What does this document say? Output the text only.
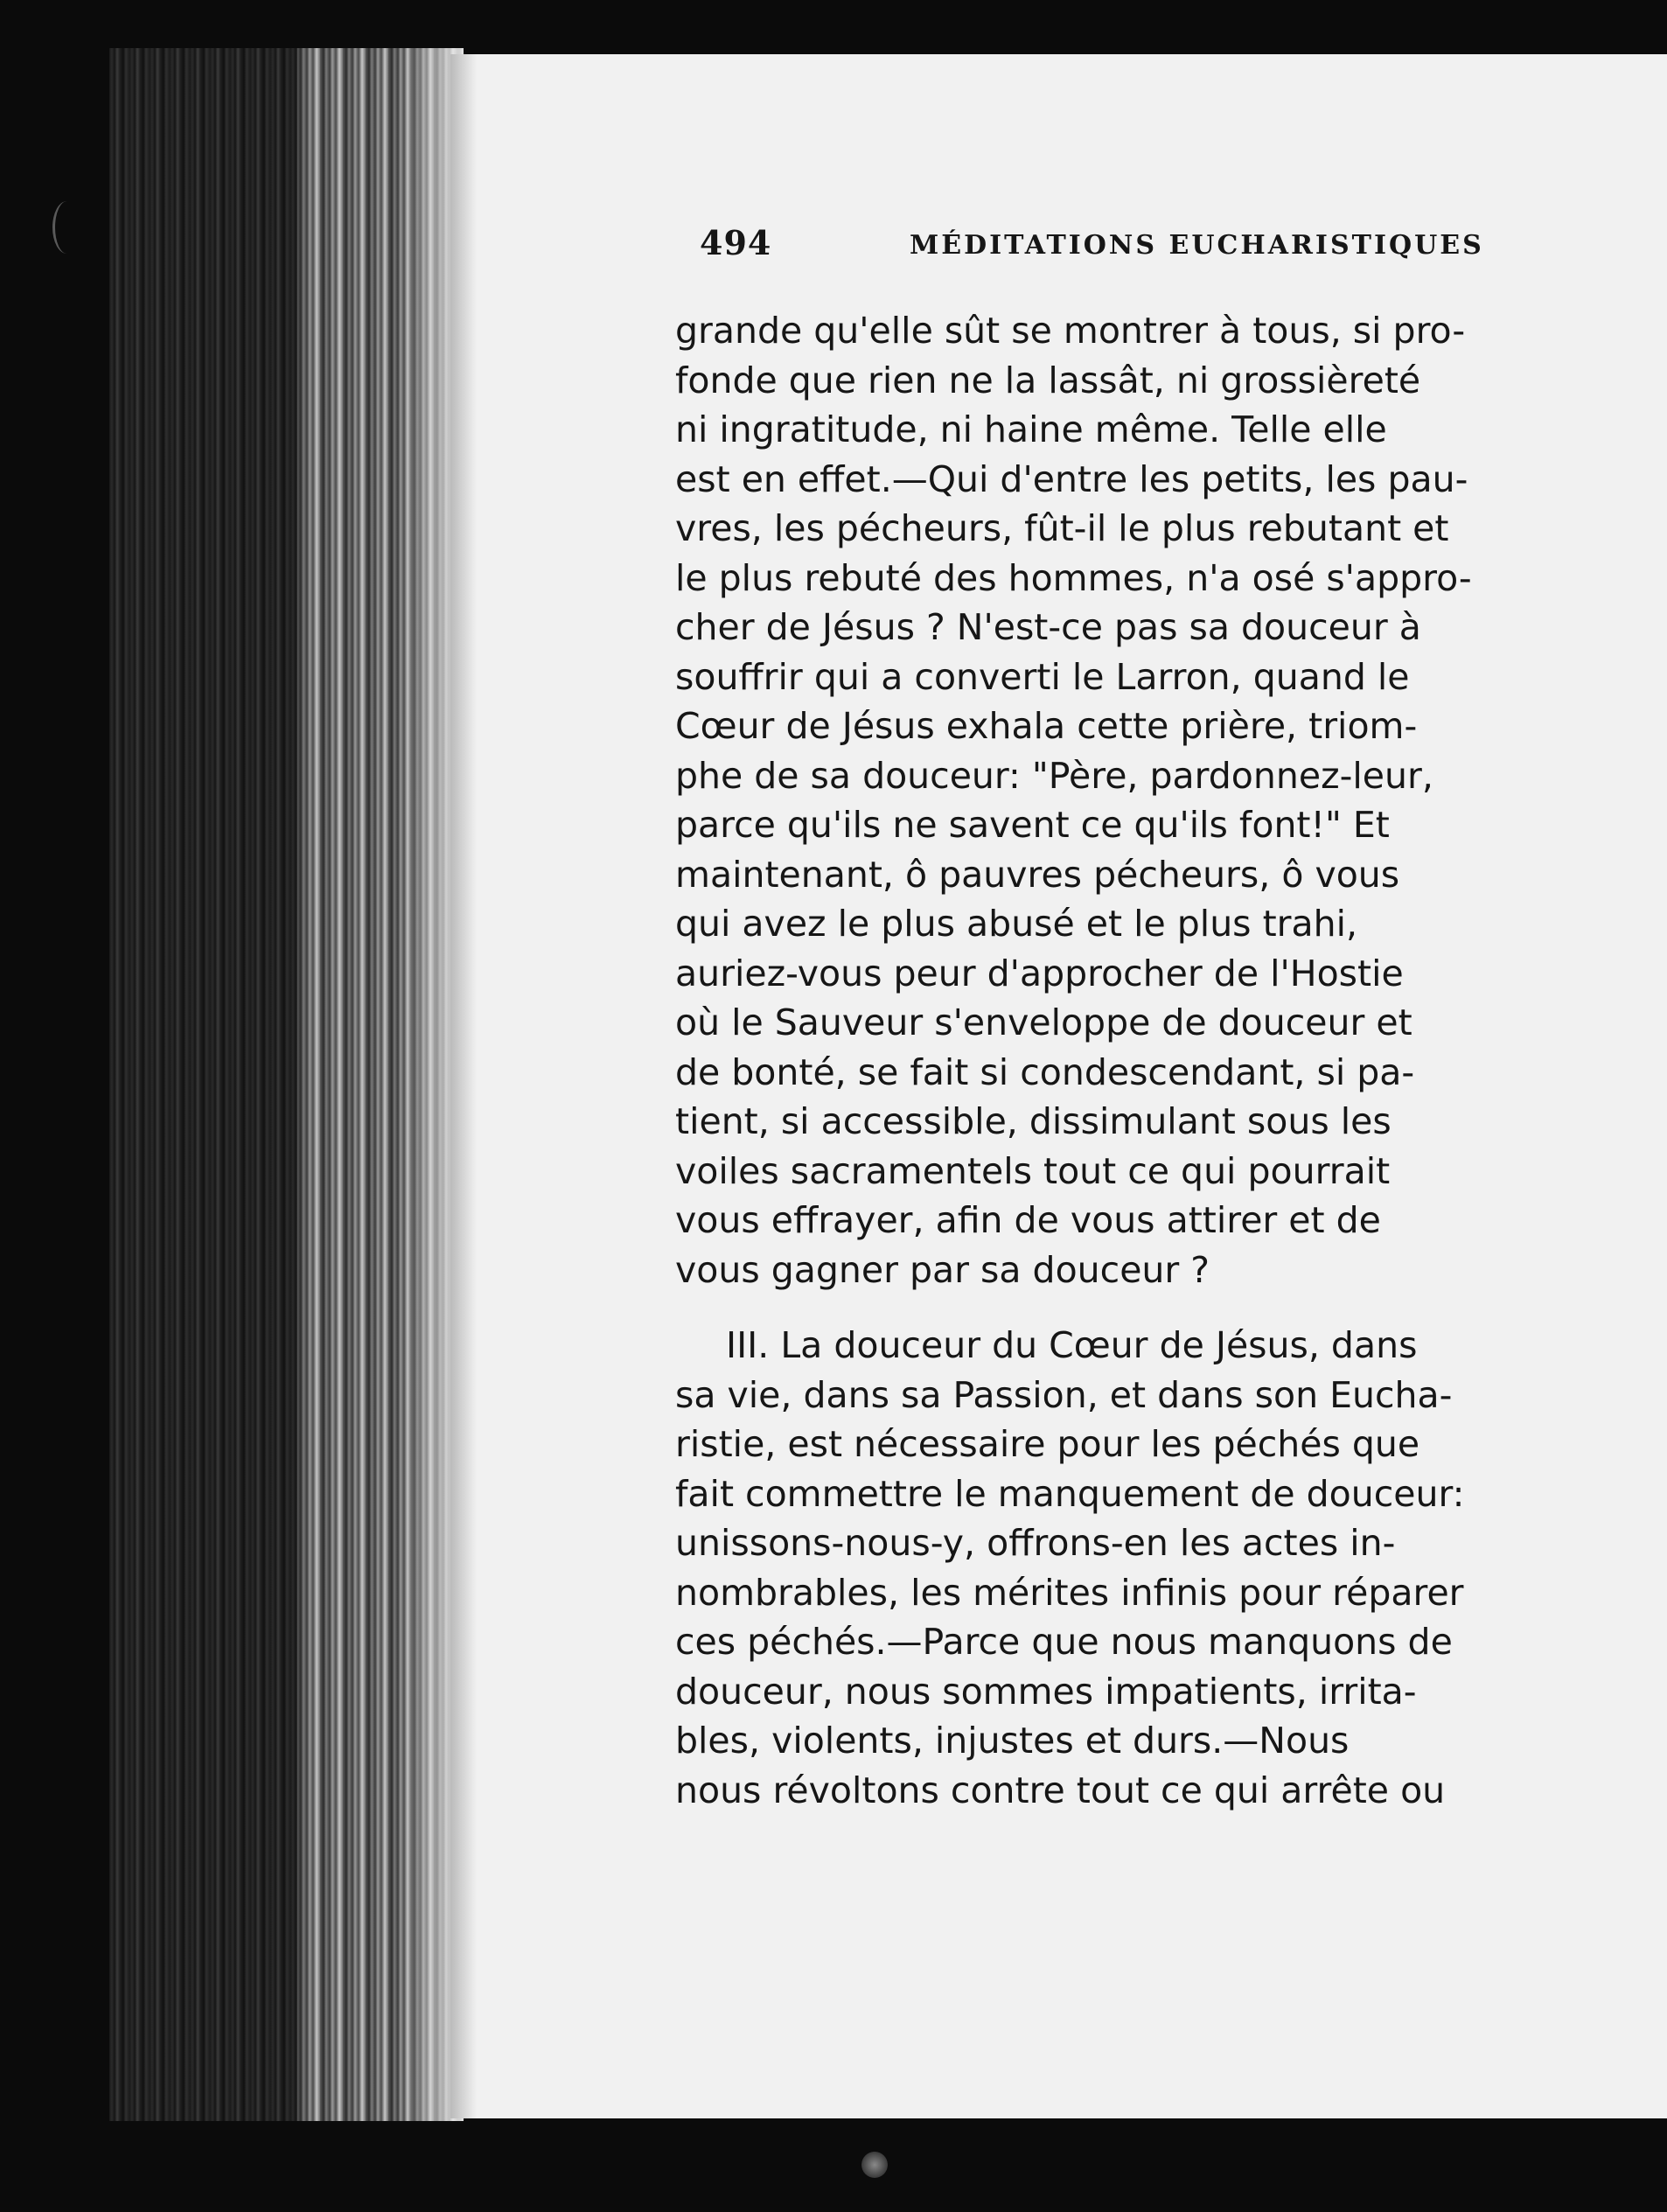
494	MÉDITATIONS EUCHARISTIQUES
grande qu'elle sût se montrer à tous, si pro-
fonde que rien ne la lassât, ni grossièreté
ni ingratitude, ni haine même. Telle elle
est en effet.—Qui d'entre les petits, les pau-
vres, les pécheurs, fût-il le plus rebutant et
le plus rebuté des hommes, n'a osé s'appro-
cher de Jésus ? N'est-ce pas sa douceur à
souffrir qui a converti le Larron, quand le
Cœur de Jésus exhala cette prière, triom-
phe de sa douceur: "Père, pardonnez-leur,
parce qu'ils ne savent ce qu'ils font!" Et
maintenant, ô pauvres pécheurs, ô vous
qui avez le plus abusé et le plus trahi,
auriez-vous peur d'approcher de l'Hostie
où le Sauveur s'enveloppe de douceur et
de bonté, se fait si condescendant, si pa-
tient, si accessible, dissimulant sous les
voiles sacramentels tout ce qui pourrait
vous effrayer, afin de vous attirer et de
vous gagner par sa douceur ?
III. La douceur du Cœur de Jésus, dans
sa vie, dans sa Passion, et dans son Eucha-
ristie, est nécessaire pour les péchés que
fait commettre le manquement de douceur:
unissons-nous-y, offrons-en les actes in-
nombrables, les mérites infinis pour réparer
ces péchés.—Parce que nous manquons de
douceur, nous sommes impatients, irrita-
bles, violents, injustes et durs.—Nous
nous révoltons contre tout ce qui arrête ou
